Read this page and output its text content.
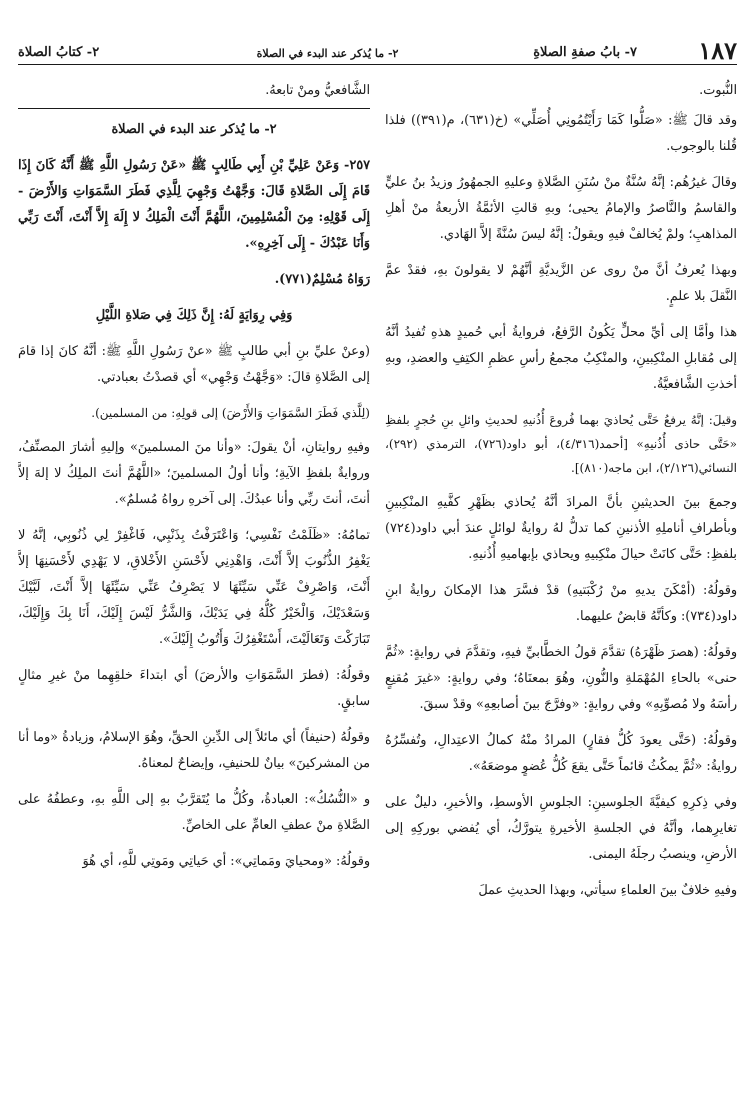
١٨٧
٧- بابُ صفةِ الصلاةِ
٢- ما يُذكر عند البدء في الصلاة
٢- كتابُ الصلاة

النُّبوت.

وقد قالَ ﷺ: «صَلُّوا كَمَا رَأَيْتُمُونِي أُصَلِّي» (خ(٦٣١)، م(٣٩١)) فلذا قُلنا بالوجوب.

وقالَ غيرُهُم: إنَّهُ سُنَّةٌ منْ سُنَنِ الصَّلاةِ وعليهِ الجمهُورُ وزيدُ بنُ عليٍّ والقاسمُ والنَّاصرُ والإمامُ يحيى؛ وبهِ قالتِ الأئمَّةُ الأربعةُ منْ أهلِ المذاهبِ؛ ولمْ يُخالفْ فيهِ ويقولُ: إنَّهُ ليسَ سُنَّةً إلاَّ الهَادي.

وبهذا يُعرفُ أنَّ منْ روى عن الزَّيديَّةِ أنَّهُمْ لا يقولونَ بهِ، فقدْ عمَّ النَّقلَ بلا علمٍ.

هذا وأمَّا إلى أيِّ محلٍّ يَكُونُ الرَّفعُ، فروايةُ أبي حُميدٍ هذهِ تُفيدُ أنَّهُ إلى مُقابلِ المنْكِبينِ، والمنْكِبُ مجمعُ رأسِ عظمِ الكتِفِ والعضدِ، وبهِ أخذتِ الشَّافعيَّةُ.

وقيلَ: إنَّهُ يرفعُ حَتَّى يُحاذيَ بهما فُروعَ أُذُنيهِ لحديثِ وائلِ بنِ حُجرٍ بلفظِ «حَتَّى حاذى أُذُنيهِ» [أحمد(٤/٣١٦)، أبو داود(٧٢٦)، الترمذي (٢٩٢)، النسائي(٢/١٢٦)، ابن ماجه(٨١٠)].

وجمعَ بينَ الحديثينِ بأنَّ المرادَ أنَّهُ يُحاذي بظَهْرِ كفَّيهِ المنْكِبينِ وبأطرافِ أناملِهِ الأذنينِ كما تدلُّ لهُ روايةٌ لوائلٍ عندَ أبي داود(٧٢٤) بلفظِ: حَتَّى كانَتْ حيالَ منْكِبيهِ ويحاذي بإبهاميهِ أُذُنيهِ.

وقولُهُ: (أمْكَنَ يديهِ منْ رُكْبَتيهِ) قدْ فسَّرَ هذا الإمكانَ روايةُ ابنِ داود(٧٣٤): وكأنَّهُ قابضٌ عليهما.

وقولُهُ: (هصرَ ظَهْرَهُ) تقدَّمَ قولُ الخطَّابيِّ فيهِ، وتقدَّمَ في روايةٍ: «ثُمَّ حنى» بالحاءِ المُهْمَلةِ والنُّونِ، وهُوَ بمعنَاهُ؛ وفي روايةٍ: «غيرَ مُقنِعٍ رأسَهُ ولا مُصوِّبِهِ» وفي روايةٍ: «وفرَّجَ بينَ أصابعِهِ» وقدْ سبقَ.

وقولُهُ: (حَتَّى يعودَ كُلُّ فقارٍ) المرادُ منْهُ كمالُ الاعتِدالِ، وتُفسِّرُهُ روايةُ: «ثُمَّ يمكُثُ قائماً حَتَّى يقعَ كُلُّ عُضوٍ موضعَهُ».

وفي ذِكرِهِ كيفيَّةَ الجلوسينِ: الجلوسِ الأوسطِ، والأخيرِ، دليلٌ على تغايرِهما، وأنَّهُ في الجلسةِ الأخيرةِ يتورَّكُ، أي يُفضي بوركِهِ إلى الأرضِ، وينصبُ رجلَهُ اليمنى.

وفيهِ خلافٌ بينَ العلماءِ سيأتي، وبهذا الحديثِ عملَ

الشَّافعيُّ ومنْ تابعهُ.

٢- ما يُذكر عند البدء في الصلاة

٢٥٧- وَعَنْ عَلِيِّ بْنِ أَبِي طَالِبٍ ﷺ «عَنْ رَسُولِ اللَّهِ ﷺ أَنَّهُ كَانَ إِذَا قَامَ إِلَى الصَّلاةِ قَالَ: وَجَّهْتُ وَجْهِيَ لِلَّذِي فَطَرَ السَّمَوَاتِ وَالأَرْضَ - إِلَى قَوْلِهِ: مِنَ الْمُسْلِمِينَ، اللَّهُمَّ أَنْتَ الْمَلِكُ لا إِلَهَ إِلاَّ أَنْتَ، أَنْتَ رَبِّي وَأَنَا عَبْدُكَ - إِلَى آخِرِهِ».

رَوَاهُ مُسْلِمٌ(٧٧١).

وَفِي رِوَايَةٍ لَهُ: إِنَّ ذَلِكَ فِي صَلاةِ اللَّيْلِ

(وعنْ عليِّ بنِ أبي طالبٍ ﷺ «عنْ رَسُولِ اللَّهِ ﷺ: أنَّهُ كانَ إذا قامَ إلى الصَّلاةِ قالَ: «وَجَّهْتُ وَجْهِي» أي قصدْتُ بعبادتي.

(لِلَّذي فَطَرَ السَّمَوَاتِ وَالأَرْضَ) إلى قولِهِ: من المسلمين).

وفيهِ روايتانِ، أنْ يقولَ: «وأنا منَ المسلمينَ» وإليهِ أشارَ المصنِّفُ، وروايةٌ بلفظِ الآيةِ؛ وأنا أولُ المسلمينَ؛ «اللَّهُمَّ أنتَ الملِكُ لا إلهَ إلاَّ أنتَ، أنتَ ربِّي وأنا عبدُكَ. إلى آخرهِ رواهُ مُسلمٌ».

تمامُهُ: «ظَلَمْتُ نَفْسِي؛ وَاعْتَرَفْتُ بِذَنْبِي، فَاغْفِرْ لِي ذُنُوبِي، إنَّهُ لا يَغْفِرُ الذُّنُوبَ إلاَّ أَنْتَ، وَاهْدِنِي لأَحْسَنِ الأَخْلاقِ، لا يَهْدِي لأَحْسَنِهَا إلاَّ أَنْتَ، وَاصْرِفْ عَنِّي سَيِّئَهَا لا يَصْرِفُ عَنِّي سَيِّئَهَا إلاَّ أَنْتَ، لَبَّيْكَ وَسَعْدَيْكَ، وَالْخَيْرُ كُلُّهُ فِي يَدَيْكَ، وَالشَّرُّ لَيْسَ إِلَيْكَ، أَنَا بِكَ وَإِلَيْكَ، تَبَارَكْتَ وَتَعَالَيْتَ، أَسْتَغْفِرُكَ وَأَتُوبُ إِلَيْكَ».

وقولُهُ: (فطرَ السَّمَوَاتِ والأرضَ) أي ابتداءَ خلقِهِما منْ غيرِ مثالٍ سابقٍ.

وقولُهُ (حنيفاً) أي مائلاً إلى الدِّينِ الحقِّ، وهُوَ الإسلامُ، وزيادةُ «وما أنا من المشركينَ» بيانٌ للحنيفِ، وإيضاحٌ لمعناهُ.

و «النُّسُكُ»: العبادةُ، وكُلُّ ما يُتَقرَّبُ بهِ إلى اللَّهِ بهِ، وعطفُهُ على الصَّلاةِ منْ عطفِ العامِّ على الخاصِّ.

وقولُهُ: «ومحيايَ ومَماتِي»: أي حَياتِي ومَوتِي للَّهِ، أي هُوَ
